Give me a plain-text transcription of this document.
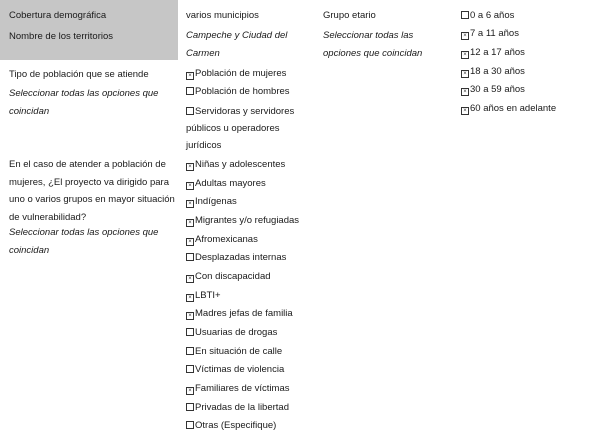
Cobertura demográfica
Nombre de los territorios
varios municipios
Campeche y Ciudad del
Carmen
Grupo etario
Seleccionar todas las
opciones que coincidan
0 a 6 años
× 7 a 11 años
× 12 a 17 años
× 18 a 30 años
× 30 a 59 años
× 60 años en adelante
Tipo de población que se atiende
Seleccionar todas las opciones que
coincidan
× Población de mujeres
Población de hombres
Servidoras y servidores
públicos u operadores
jurídicos
En el caso de atender a población de
mujeres, ¿El proyecto va dirigido para
uno o varios grupos en mayor situación
de vulnerabilidad?
Seleccionar todas las opciones que
coincidan
× Niñas y adolescentes
× Adultas mayores
× Indígenas
× Migrantes y/o refugiadas
× Afromexicanas
Desplazadas internas
× Con discapacidad
× LBTI+
× Madres jefas de familia
Usuarias de drogas
En situación de calle
Víctimas de violencia
× Familiares de víctimas
Privadas de la libertad
Otras (Especifique)
